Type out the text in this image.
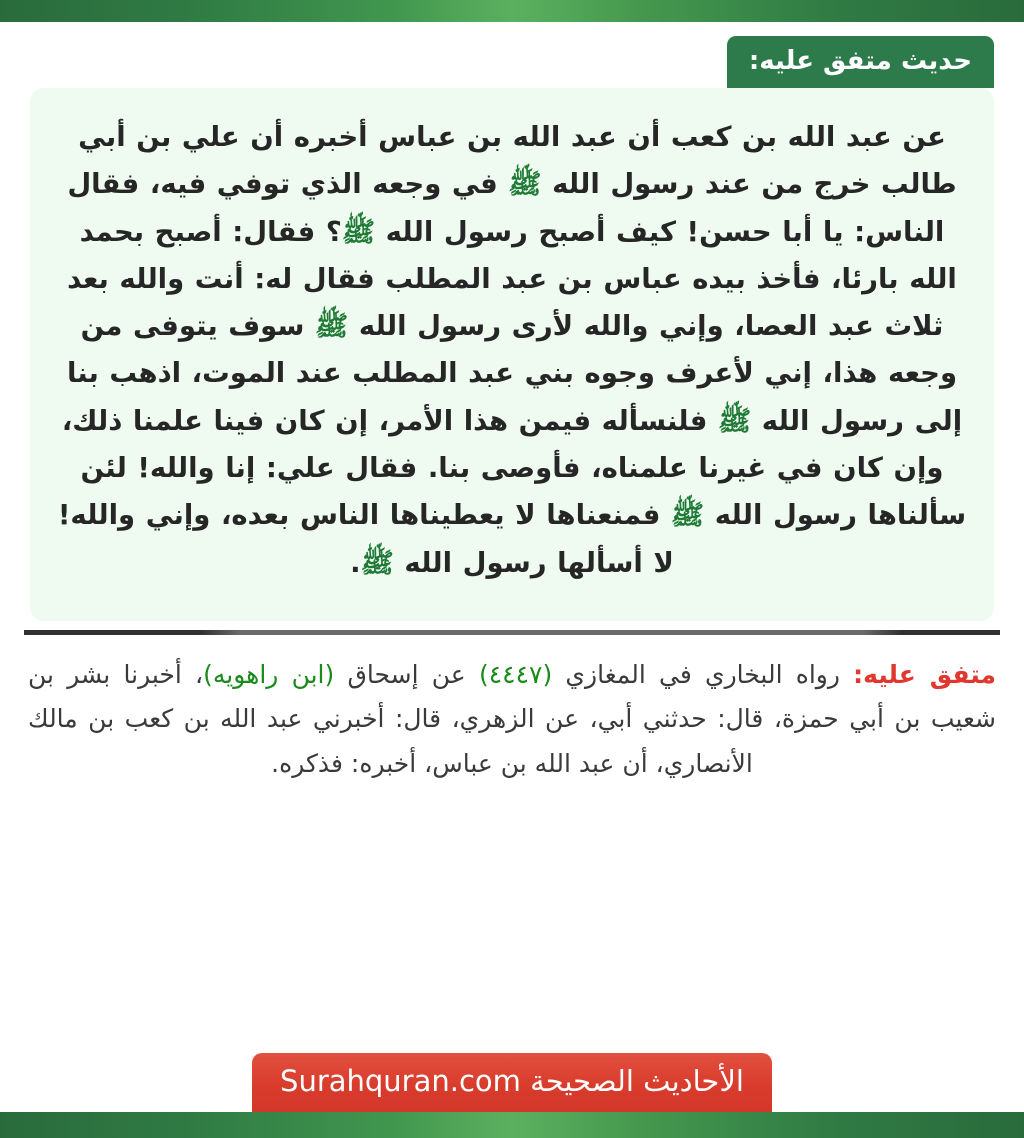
حديث متفق عليه:
عن عبد الله بن كعب أن عبد الله بن عباس أخبره أن علي بن أبي طالب خرج من عند رسول الله ﷺ في وجعه الذي توفي فيه، فقال الناس: يا أبا حسن! كيف أصبح رسول الله ﷺ؟ فقال: أصبح بحمد الله بارئا، فأخذ بيده عباس بن عبد المطلب فقال له: أنت والله بعد ثلاث عبد العصا، وإني والله لأرى رسول الله ﷺ سوف يتوفى من وجعه هذا، إني لأعرف وجوه بني عبد المطلب عند الموت، اذهب بنا إلى رسول الله ﷺ فلنسأله فيمن هذا الأمر، إن كان فينا علمنا ذلك، وإن كان في غيرنا علمناه، فأوصى بنا. فقال علي: إنا والله! لئن سألناها رسول الله ﷺ فمنعناها لا يعطيناها الناس بعده، وإني والله! لا أسألها رسول الله ﷺ.
متفق عليه: رواه البخاري في المغازي (٤٤٤٧) عن إسحاق (ابن راهويه)، أخبرنا بشر بن شعيب بن أبي حمزة، قال: حدثني أبي، عن الزهري، قال: أخبرني عبد الله بن كعب بن مالك الأنصاري، أن عبد الله بن عباس، أخبره: فذكره.
الأحاديث الصحيحة Surahquran.com
